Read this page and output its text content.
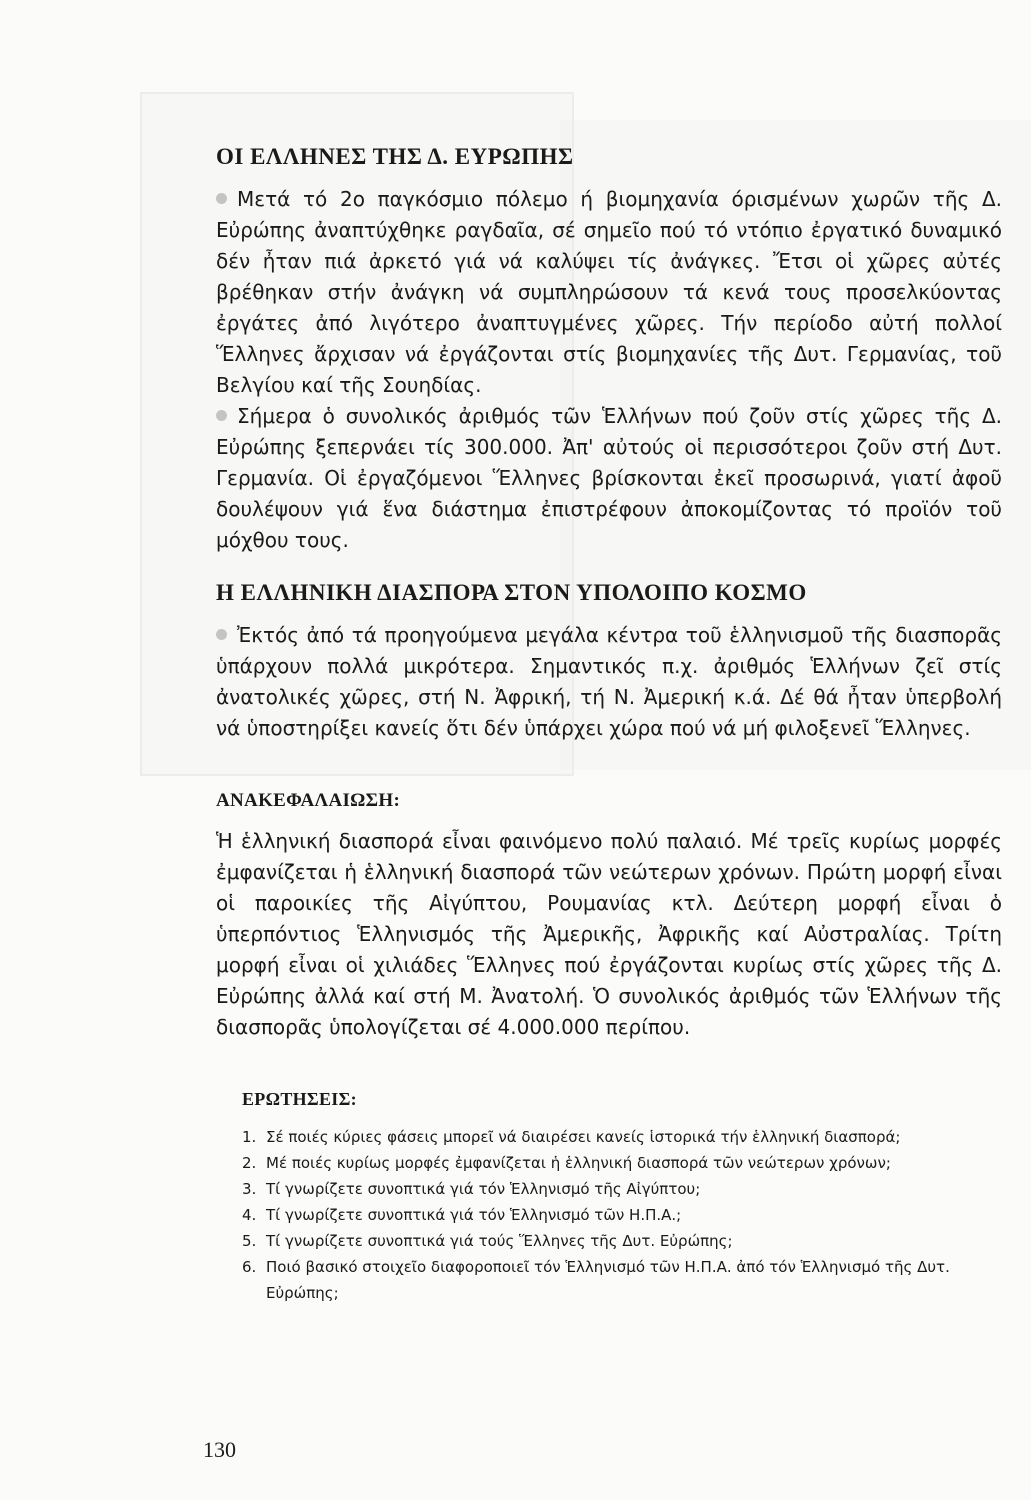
ΟΙ ΕΛΛΗΝΕΣ ΤΗΣ Δ. ΕΥΡΩΠΗΣ

Μετά τό 2ο παγκόσμιο πόλεμο ή βιομηχανία όρισμένων χωρῶν τῆς Δ. Εὐρώπης ἀναπτύχθηκε ραγδαῖα, σέ σημεῖο πού τό ντόπιο ἐργατικό δυναμικό δέν ἦταν πιά ἀρκετό γιά νά καλύψει τίς ἀνάγκες. Ἔτσι οἱ χῶρες αὐτές βρέθηκαν στήν ἀνάγκη νά συμπληρώσουν τά κενά τους προσελκύοντας ἐργάτες ἀπό λιγότερο ἀναπτυγμένες χῶρες. Τήν περίοδο αὐτή πολλοί Ἕλληνες ἄρχισαν νά ἐργάζονται στίς βιομηχανίες τῆς Δυτ. Γερμανίας, τοῦ Βελγίου καί τῆς Σουηδίας.

Σήμερα ὁ συνολικός ἀριθμός τῶν Ἑλλήνων πού ζοῦν στίς χῶρες τῆς Δ. Εὐρώπης ξεπερνάει τίς 300.000. Ἀπ' αὐτούς οἱ περισσότεροι ζοῦν στή Δυτ. Γερμανία. Οἱ ἐργαζόμενοι Ἕλληνες βρίσκονται ἐκεῖ προσωρινά, γιατί ἀφοῦ δουλέψουν γιά ἕνα διάστημα ἐπιστρέφουν ἀποκομίζοντας τό προϊόν τοῦ μόχθου τους.

Η ΕΛΛΗΝΙΚΗ ΔΙΑΣΠΟΡΑ ΣΤΟΝ ΥΠΟΛΟΙΠΟ ΚΟΣΜΟ

Ἐκτός ἀπό τά προηγούμενα μεγάλα κέντρα τοῦ ἑλληνισμοῦ τῆς διασπορᾶς ὑπάρχουν πολλά μικρότερα. Σημαντικός π.χ. ἀριθμός Ἑλλήνων ζεῖ στίς ἀνατολικές χῶρες, στή Ν. Ἀφρική, τή Ν. Ἀμερική κ.ά. Δέ θά ἦταν ὑπερβολή νά ὑποστηρίξει κανείς ὅτι δέν ὑπάρχει χώρα πού νά μή φιλοξενεῖ Ἕλληνες.

ΑΝΑΚΕΦΑΛΑΙΩΣΗ:

Ἡ ἑλληνική διασπορά εἶναι φαινόμενο πολύ παλαιό. Μέ τρεῖς κυρίως μορφές ἐμφανίζεται ἡ ἑλληνική διασπορά τῶν νεώτερων χρόνων. Πρώτη μορφή εἶναι οἱ παροικίες τῆς Αἰγύπτου, Ρουμανίας κτλ. Δεύτερη μορφή εἶναι ὁ ὑπερπόντιος Ἑλληνισμός τῆς Ἀμερικῆς, Ἀφρικῆς καί Αὐστραλίας. Τρίτη μορφή εἶναι οἱ χιλιάδες Ἕλληνες πού ἐργάζονται κυρίως στίς χῶρες τῆς Δ. Εὐρώπης ἀλλά καί στή Μ. Ἀνατολή. Ὁ συνολικός ἀριθμός τῶν Ἑλλήνων τῆς διασπορᾶς ὑπολογίζεται σέ 4.000.000 περίπου.

ΕΡΩΤΗΣΕΙΣ:
1. Σέ ποιές κύριες φάσεις μπορεῖ νά διαιρέσει κανείς ἱστορικά τήν ἑλληνική διασπορά;
2. Μέ ποιές κυρίως μορφές ἐμφανίζεται ἡ ἑλληνική διασπορά τῶν νεώτερων χρόνων;
3. Τί γνωρίζετε συνοπτικά γιά τόν Ἑλληνισμό τῆς Αἰγύπτου;
4. Τί γνωρίζετε συνοπτικά γιά τόν Ἑλληνισμό τῶν Η.Π.Α.;
5. Τί γνωρίζετε συνοπτικά γιά τούς Ἕλληνες τῆς Δυτ. Εὐρώπης;
6. Ποιό βασικό στοιχεῖο διαφοροποιεῖ τόν Ἑλληνισμό τῶν Η.Π.Α. ἀπό τόν Ἑλληνισμό τῆς Δυτ. Εὐρώπης;
130
